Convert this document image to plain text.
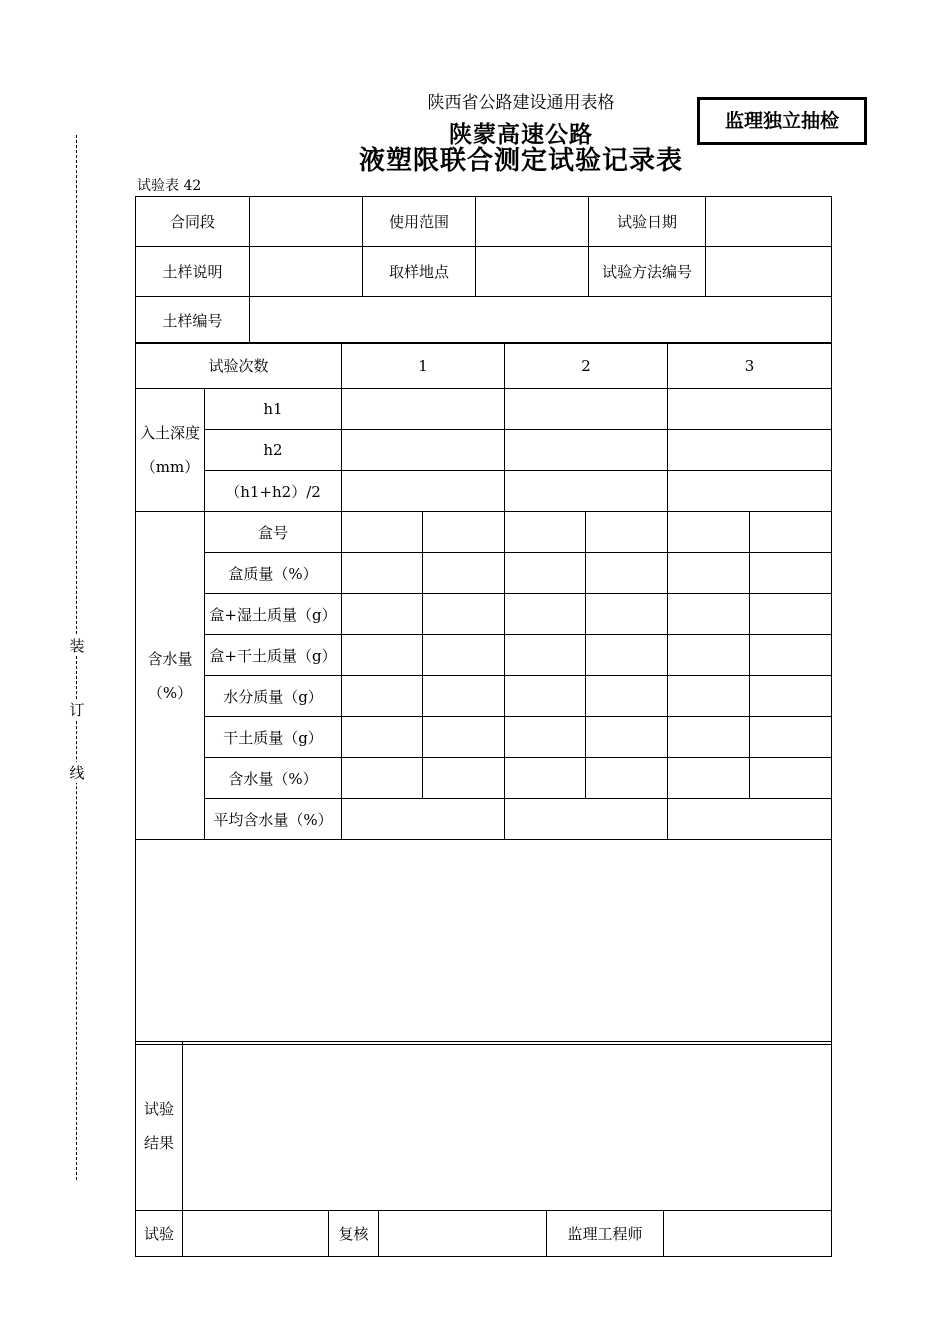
陕西省公路建设通用表格
陕蒙高速公路
液塑限联合测定试验记录表
监理独立抽检
试验表 42
装
订
线
合同段		使用范围		试验日期	
土样说明		取样地点		试验方法编号	
土样编号					
试验次数		1		2		3	

入土深度
（mm）	h1						
	h2						
	（h1+h2）/2						

含水量
（%）	盒号						
	盒质量（%）						
	盒+湿土质量（g）						
	盒+干土质量（g）						
	水分质量（g）						
	干土质量（g）						
	含水量（%）						
	平均含水量（%）						

试验
结果					

试验		复核		监理工程师	
